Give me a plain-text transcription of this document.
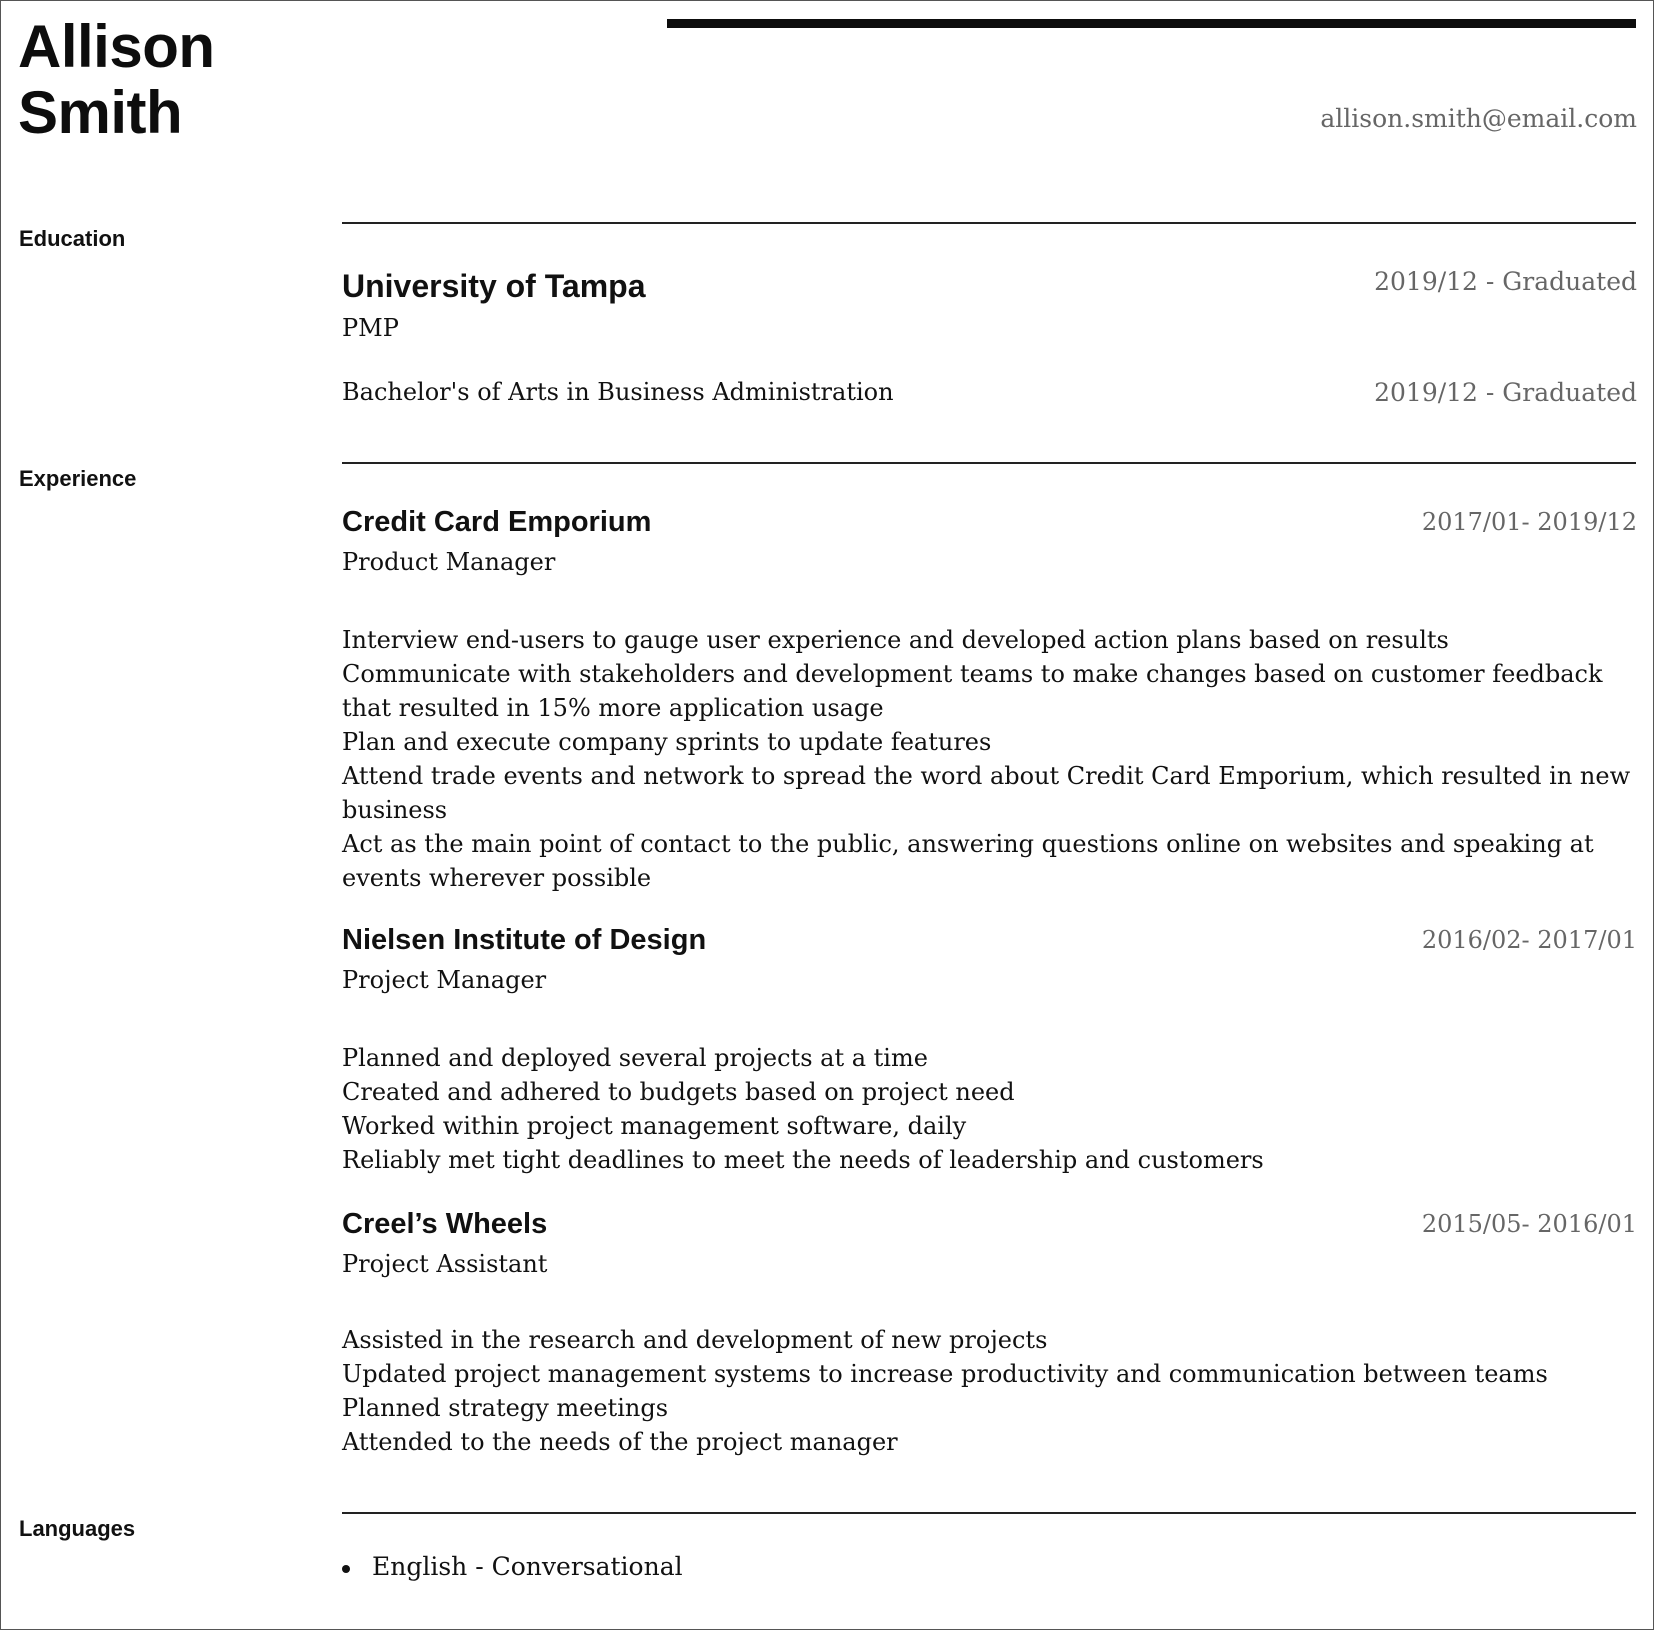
Allison
Smith	allison.smith@email.com
Education
University of Tampa	2019/12 - Graduated
PMP
Bachelor's of Arts in Business Administration	2019/12 - Graduated
Experience
Credit Card Emporium	2017/01- 2019/12
Product Manager
Interview end-users to gauge user experience and developed action plans based on results
Communicate with stakeholders and development teams to make changes based on customer feedback that resulted in 15% more application usage
Plan and execute company sprints to update features
Attend trade events and network to spread the word about Credit Card Emporium, which resulted in new business
Act as the main point of contact to the public, answering questions online on websites and speaking at events wherever possible
Nielsen Institute of Design	2016/02- 2017/01
Project Manager
Planned and deployed several projects at a time
Created and adhered to budgets based on project need
Worked within project management software, daily
Reliably met tight deadlines to meet the needs of leadership and customers
Creel’s Wheels	2015/05- 2016/01
Project Assistant
Assisted in the research and development of new projects
Updated project management systems to increase productivity and communication between teams
Planned strategy meetings
Attended to the needs of the project manager
Languages
English - Conversational
